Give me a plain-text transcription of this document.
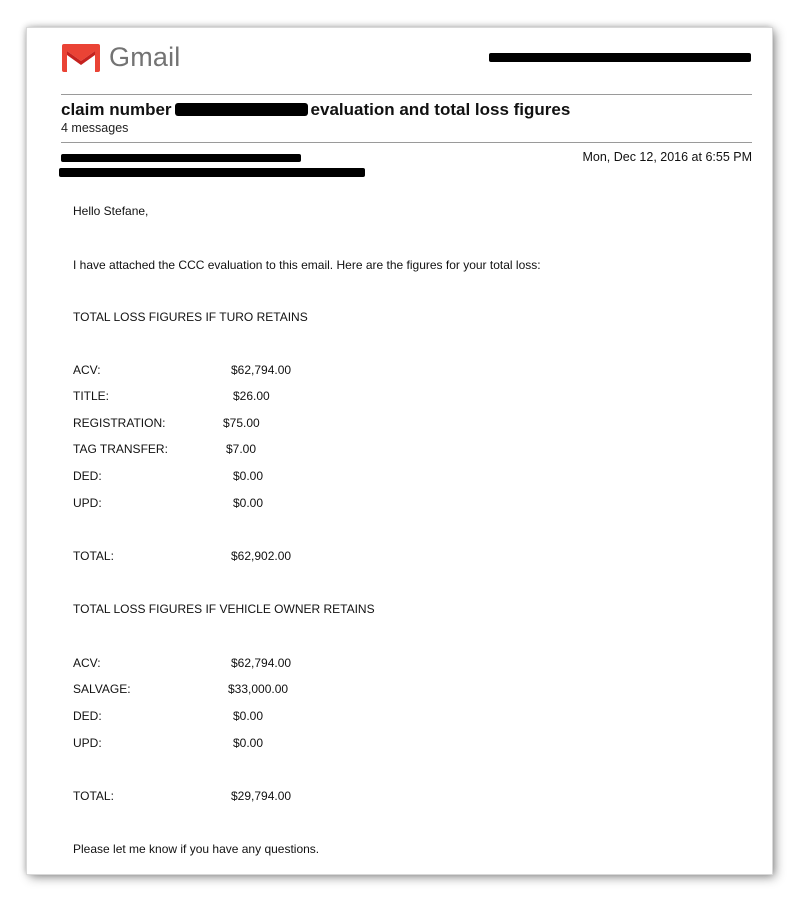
Gmail
claim number	evaluation and total loss figures
4 messages
Mon, Dec 12, 2016 at 6:55 PM
Hello Stefane,
I have attached the CCC evaluation to this email. Here are the figures for your total loss:
TOTAL LOSS FIGURES IF TURO RETAINS
ACV:	$62,794.00
TITLE:	$26.00
REGISTRATION:	$75.00
TAG TRANSFER:	$7.00
DED:	$0.00
UPD:	$0.00
TOTAL:	$62,902.00
TOTAL LOSS FIGURES IF VEHICLE OWNER RETAINS
ACV:	$62,794.00
SALVAGE:	$33,000.00
DED:	$0.00
UPD:	$0.00
TOTAL:	$29,794.00
Please let me know if you have any questions.
